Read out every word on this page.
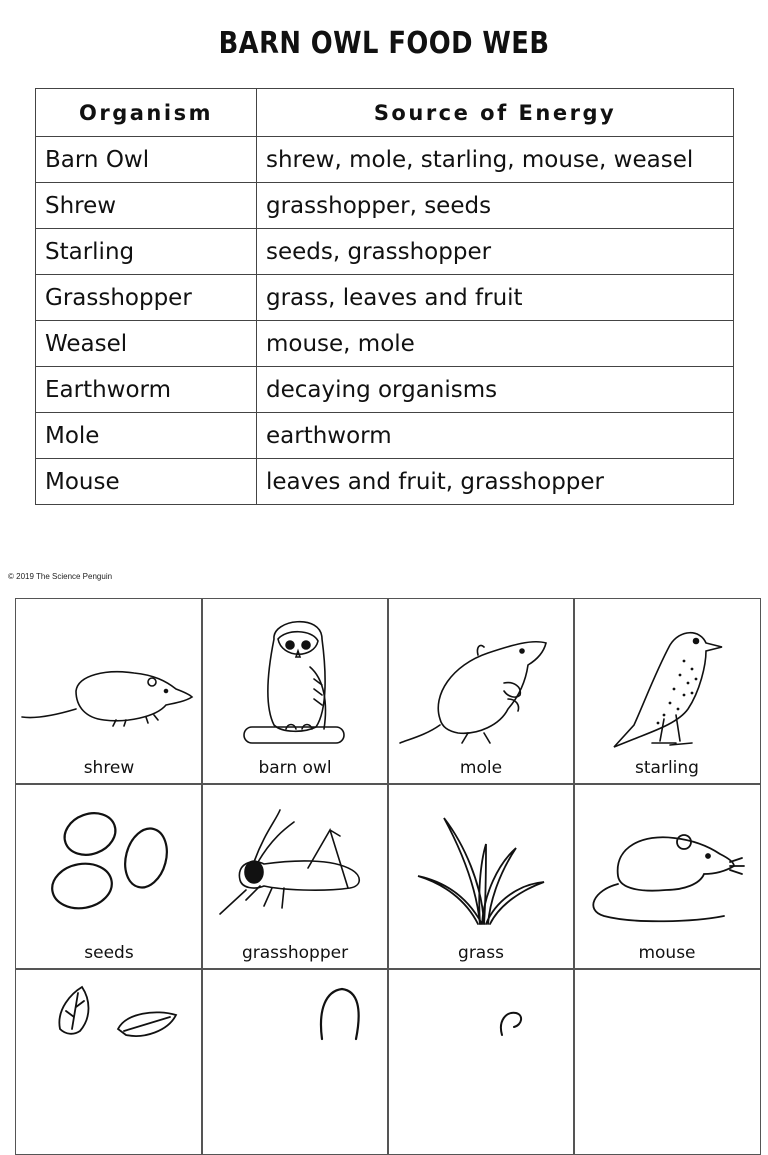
BARN OWL FOOD WEB
Organism	Source of Energy
Barn Owl	shrew, mole, starling, mouse, weasel
Shrew	grasshopper, seeds
Starling	seeds, grasshopper
Grasshopper	grass, leaves and fruit
Weasel	mouse, mole
Earthworm	decaying organisms
Mole	earthworm
Mouse	leaves and fruit, grasshopper
© 2019 The Science Penguin
shrew	barn owl	mole	starling
seeds	grasshopper	grass	mouse
